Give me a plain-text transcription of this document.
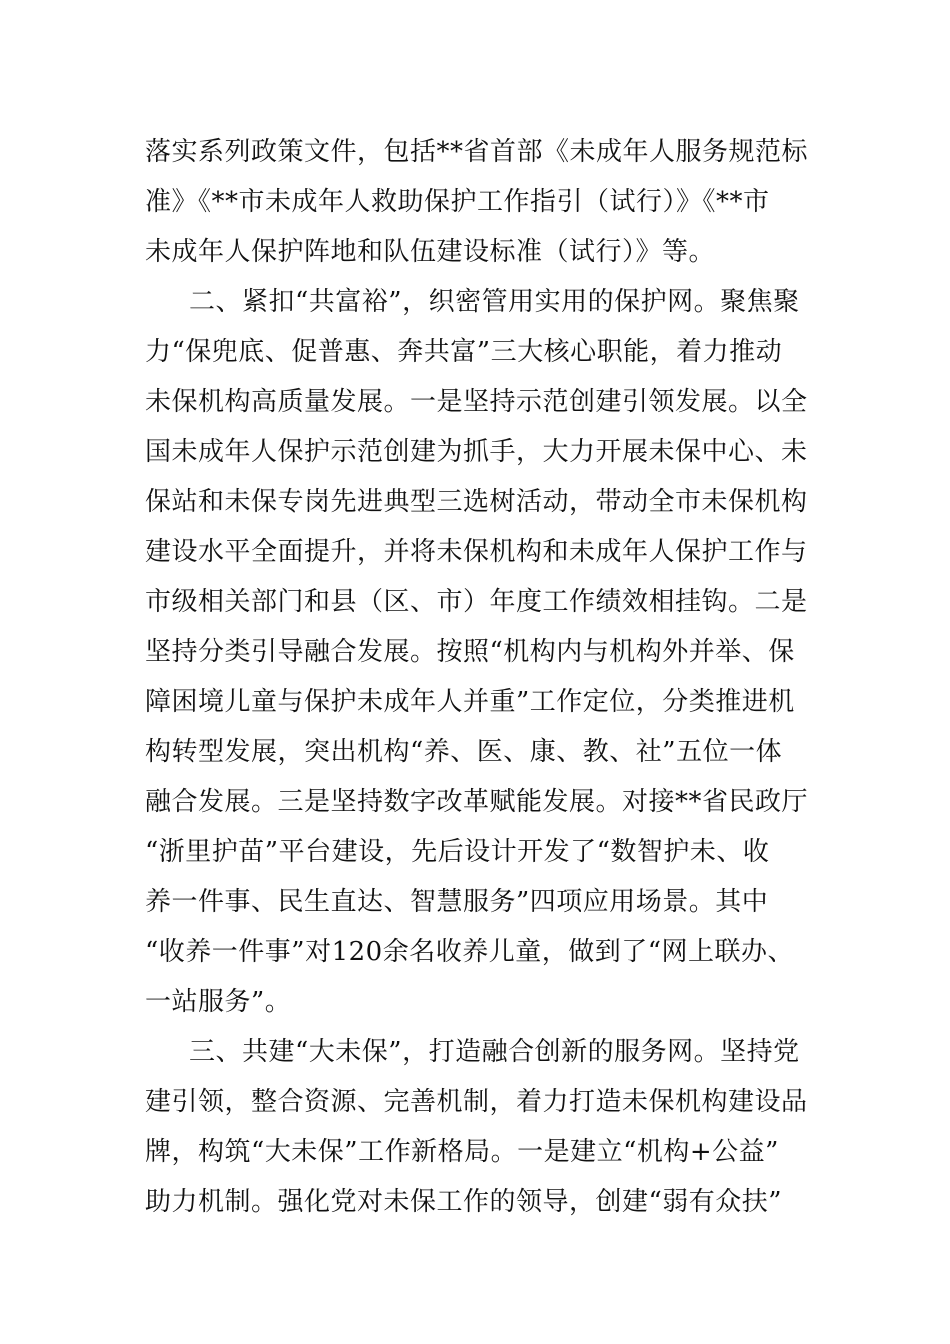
落实系列政策文件，包括**省首部《未成年人服务规范标
准》《**市未成年人救助保护工作指引（试行）》《**市
未成年人保护阵地和队伍建设标准（试行）》等。
二、紧扣“共富裕”，织密管用实用的保护网。聚焦聚
力“保兜底、促普惠、奔共富”三大核心职能，着力推动
未保机构高质量发展。一是坚持示范创建引领发展。以全
国未成年人保护示范创建为抓手，大力开展未保中心、未
保站和未保专岗先进典型三选树活动，带动全市未保机构
建设水平全面提升，并将未保机构和未成年人保护工作与
市级相关部门和县（区、市）年度工作绩效相挂钩。二是
坚持分类引导融合发展。按照“机构内与机构外并举、保
障困境儿童与保护未成年人并重”工作定位，分类推进机
构转型发展，突出机构“养、医、康、教、社”五位一体
融合发展。三是坚持数字改革赋能发展。对接**省民政厅
“浙里护苗”平台建设，先后设计开发了“数智护未、收
养一件事、民生直达、智慧服务”四项应用场景。其中
“收养一件事”对120余名收养儿童，做到了“网上联办、
一站服务”。
三、共建“大未保”，打造融合创新的服务网。坚持党
建引领，整合资源、完善机制，着力打造未保机构建设品
牌，构筑“大未保”工作新格局。一是建立“机构+公益”
助力机制。强化党对未保工作的领导，创建“弱有众扶”
